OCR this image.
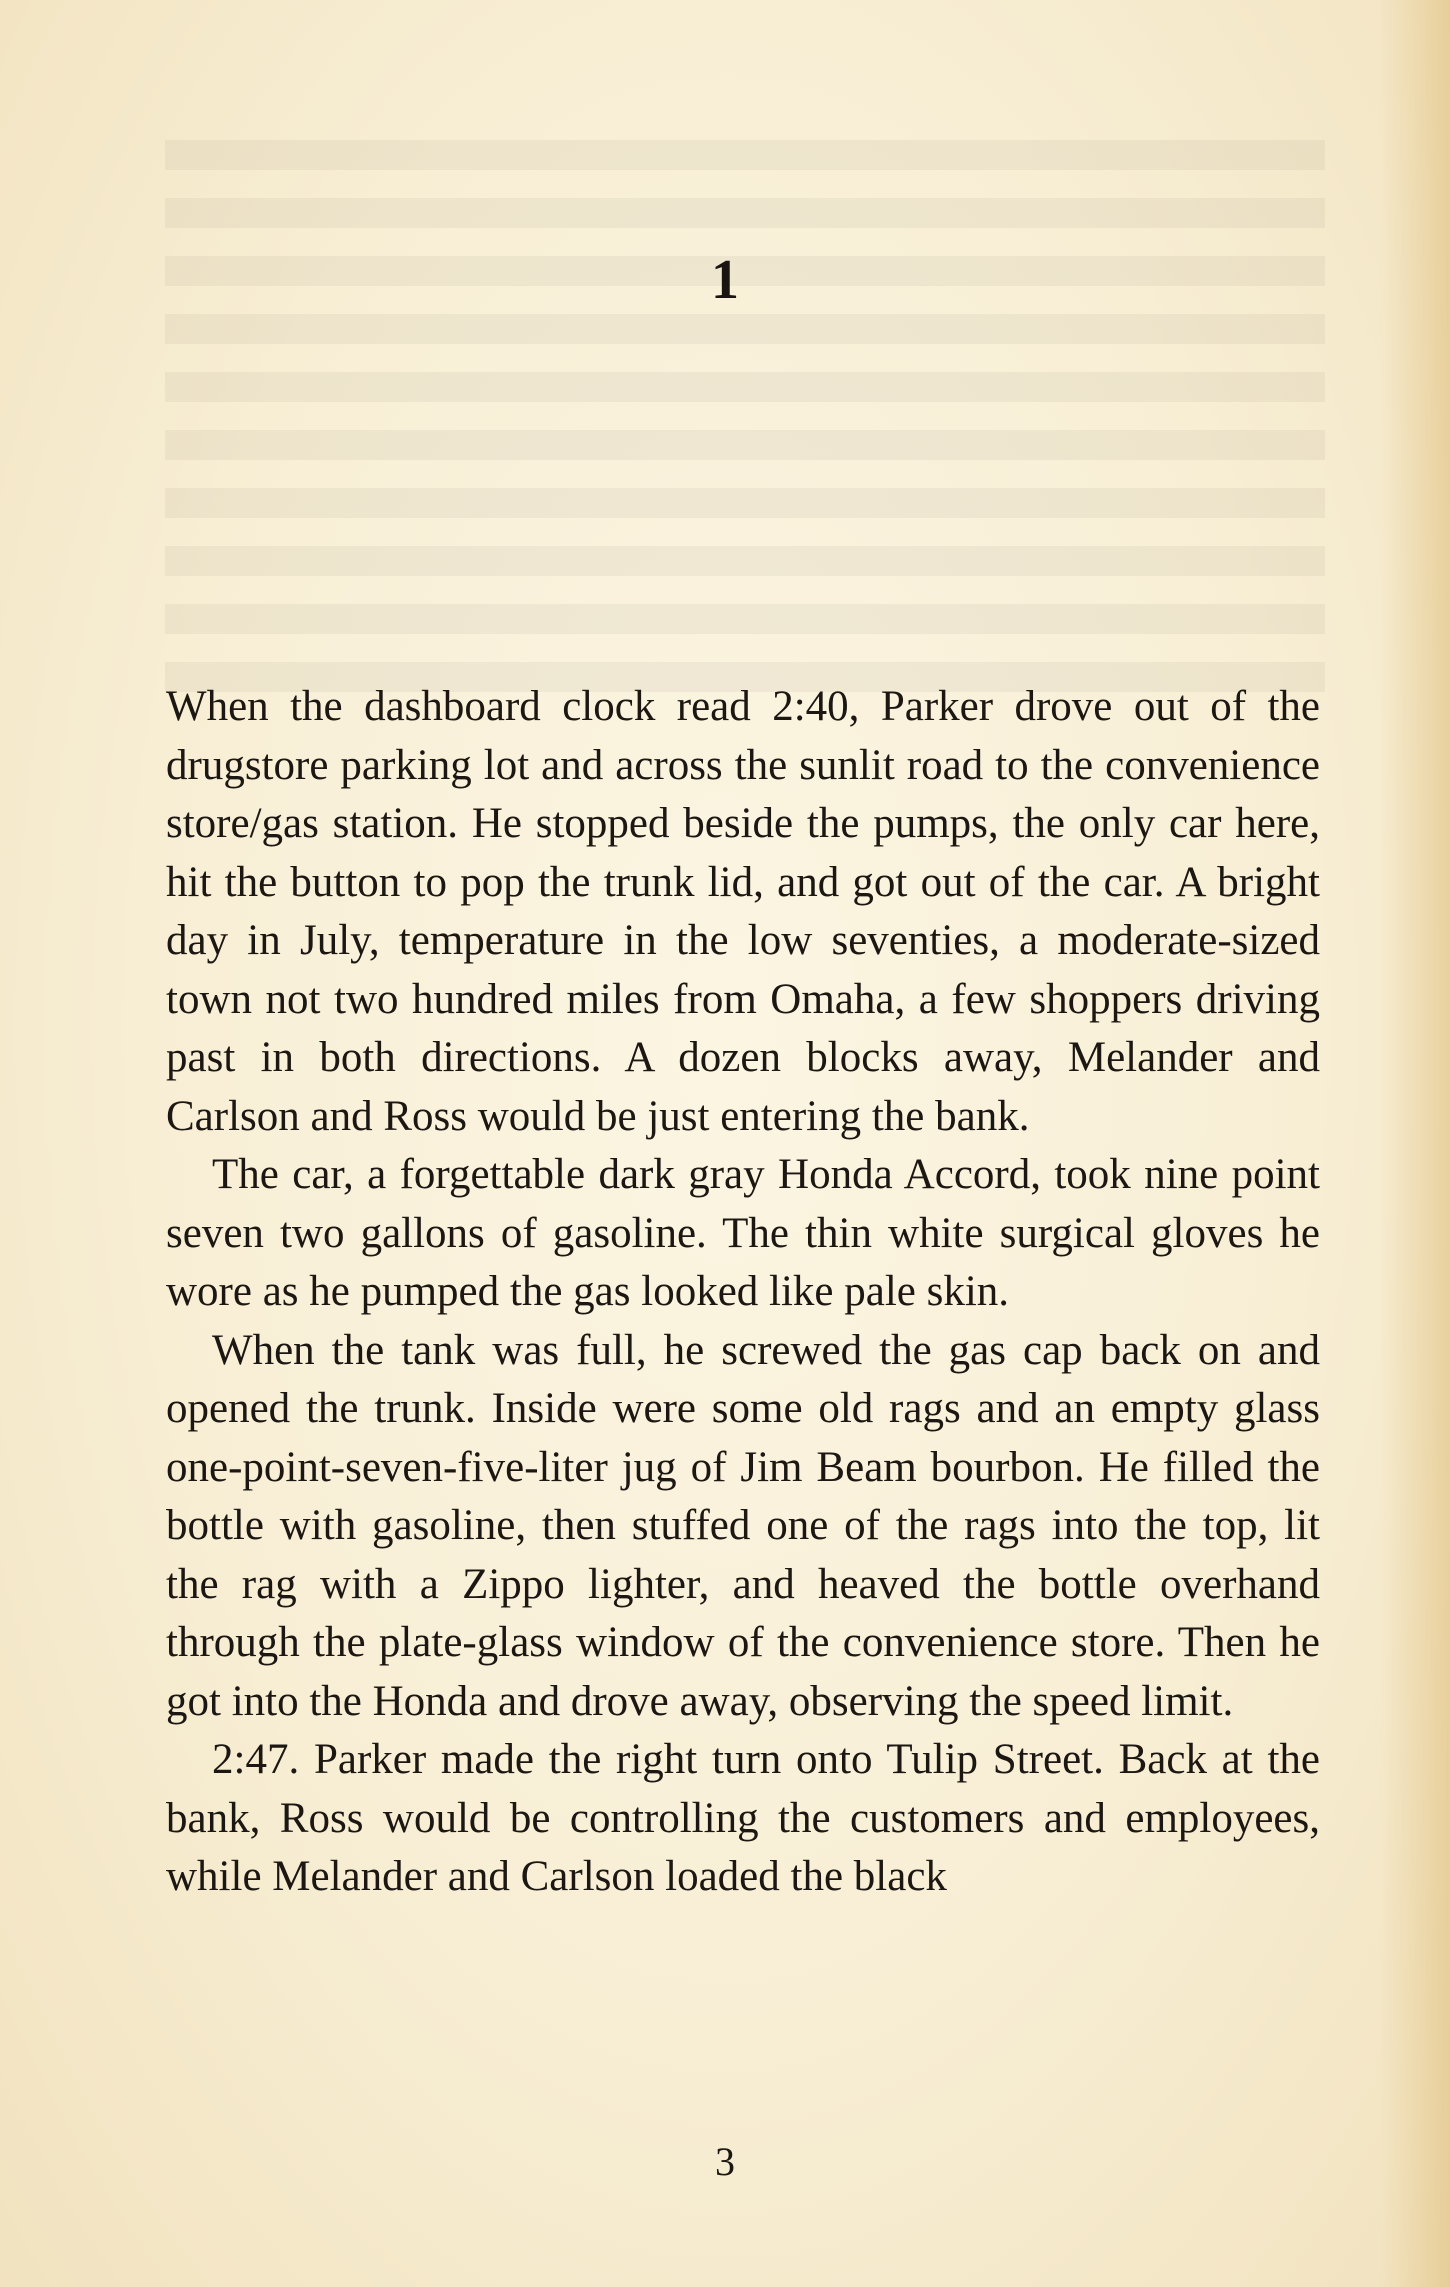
1

When the dashboard clock read 2:40, Parker drove out of the drugstore parking lot and across the sunlit road to the convenience store/gas station. He stopped beside the pumps, the only car here, hit the button to pop the trunk lid, and got out of the car. A bright day in July, temperature in the low seventies, a moderate-sized town not two hundred miles from Omaha, a few shoppers driving past in both directions. A dozen blocks away, Melander and Carlson and Ross would be just entering the bank.

The car, a forgettable dark gray Honda Accord, took nine point seven two gallons of gasoline. The thin white surgical gloves he wore as he pumped the gas looked like pale skin.

When the tank was full, he screwed the gas cap back on and opened the trunk. Inside were some old rags and an empty glass one-point-seven-five-liter jug of Jim Beam bourbon. He filled the bottle with gasoline, then stuffed one of the rags into the top, lit the rag with a Zippo lighter, and heaved the bottle overhand through the plate-glass window of the convenience store. Then he got into the Honda and drove away, observing the speed limit.

2:47. Parker made the right turn onto Tulip Street. Back at the bank, Ross would be controlling the customers and employees, while Melander and Carlson loaded the black

3
